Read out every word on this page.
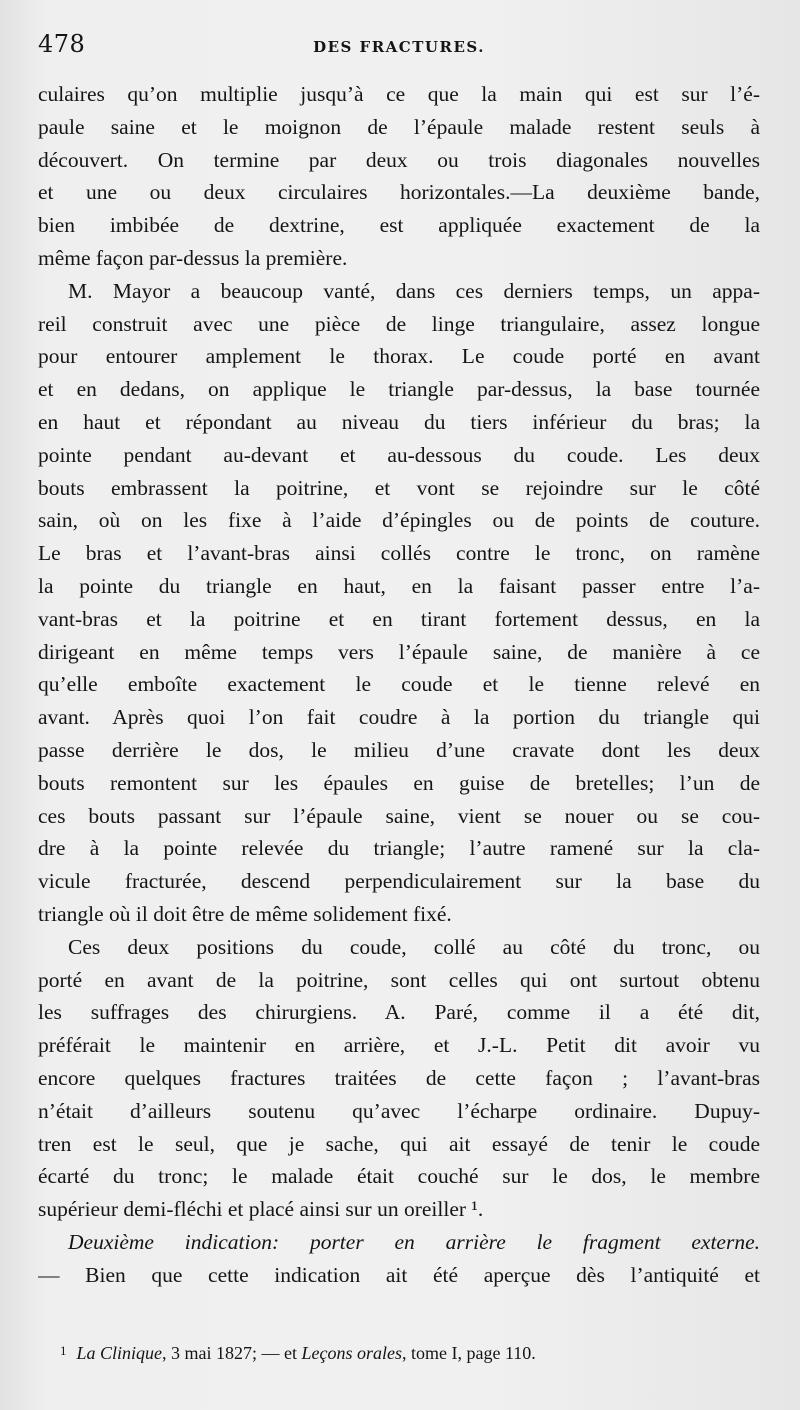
478	DES FRACTURES.
culaires qu’on multiplie jusqu’à ce que la main qui est sur l’é-
paule saine et le moignon de l’épaule malade restent seuls à
découvert. On termine par deux ou trois diagonales nouvelles
et une ou deux circulaires horizontales.—La deuxième bande,
bien imbibée de dextrine, est appliquée exactement de la
même façon par-dessus la première.
M. Mayor a beaucoup vanté, dans ces derniers temps, un appa-
reil construit avec une pièce de linge triangulaire, assez longue
pour entourer amplement le thorax. Le coude porté en avant
et en dedans, on applique le triangle par-dessus, la base tournée
en haut et répondant au niveau du tiers inférieur du bras; la
pointe pendant au-devant et au-dessous du coude. Les deux
bouts embrassent la poitrine, et vont se rejoindre sur le côté
sain, où on les fixe à l’aide d’épingles ou de points de couture.
Le bras et l’avant-bras ainsi collés contre le tronc, on ramène
la pointe du triangle en haut, en la faisant passer entre l’a-
vant-bras et la poitrine et en tirant fortement dessus, en la
dirigeant en même temps vers l’épaule saine, de manière à ce
qu’elle emboîte exactement le coude et le tienne relevé en
avant. Après quoi l’on fait coudre à la portion du triangle qui
passe derrière le dos, le milieu d’une cravate dont les deux
bouts remontent sur les épaules en guise de bretelles; l’un de
ces bouts passant sur l’épaule saine, vient se nouer ou se cou-
dre à la pointe relevée du triangle; l’autre ramené sur la cla-
vicule fracturée, descend perpendiculairement sur la base du
triangle où il doit être de même solidement fixé.
Ces deux positions du coude, collé au côté du tronc, ou
porté en avant de la poitrine, sont celles qui ont surtout obtenu
les suffrages des chirurgiens. A. Paré, comme il a été dit,
préférait le maintenir en arrière, et J.-L. Petit dit avoir vu
encore quelques fractures traitées de cette façon ; l’avant-bras
n’était d’ailleurs soutenu qu’avec l’écharpe ordinaire. Dupuy-
tren est le seul, que je sache, qui ait essayé de tenir le coude
écarté du tronc; le malade était couché sur le dos, le membre
supérieur demi-fléchi et placé ainsi sur un oreiller ¹.
Deuxième indication: porter en arrière le fragment externe.
— Bien que cette indication ait été aperçue dès l’antiquité et
$^1$ La Clinique, 3 mai 1827; — et Leçons orales, tome I, page 110.
